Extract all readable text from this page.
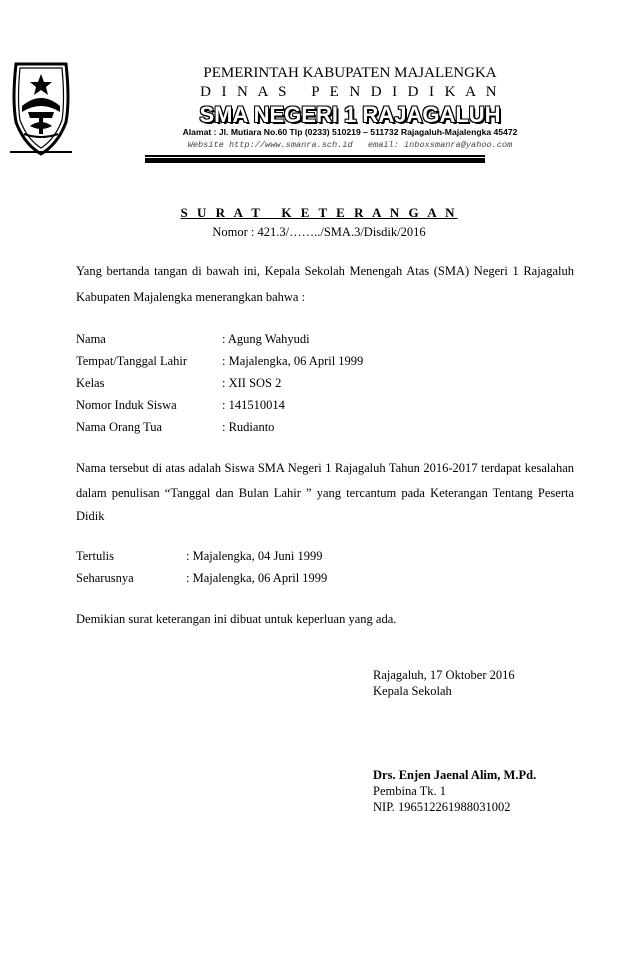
PEMERINTAH KABUPATEN MAJALENGKA
D I N A S   P E N D I D I K A N
SMA NEGERI 1 RAJAGALUH
Alamat : Jl. Mutiara No.60 Tlp (0233) 510219 – 511732 Rajagaluh-Majalengka 45472
Website http://www.smanra.sch.id email: inboxsmanra@yahoo.com
S U R A T   K E T E R A N G A N
Nomor : 421.3/……../SMA.3/Disdik/2016
Yang bertanda tangan di bawah ini, Kepala Sekolah Menengah Atas (SMA) Negeri 1 Rajagaluh
Kabupaten Majalengka menerangkan bahwa :
Nama	: Agung Wahyudi
Tempat/Tanggal Lahir	: Majalengka, 06 April 1999
Kelas	: XII SOS 2
Nomor Induk Siswa	: 141510014
Nama Orang Tua	: Rudianto
Nama tersebut di atas adalah Siswa SMA Negeri 1 Rajagaluh Tahun 2016-2017 terdapat kesalahan
dalam penulisan “Tanggal dan Bulan Lahir ” yang tercantum pada Keterangan Tentang Peserta
Didik
Tertulis	: Majalengka, 04 Juni 1999
Seharusnya	: Majalengka, 06 April 1999
Demikian surat keterangan ini dibuat untuk keperluan yang ada.
Rajagaluh, 17 Oktober 2016
Kepala Sekolah
Drs. Enjen Jaenal Alim, M.Pd.
Pembina Tk. 1
NIP. 196512261988031002
